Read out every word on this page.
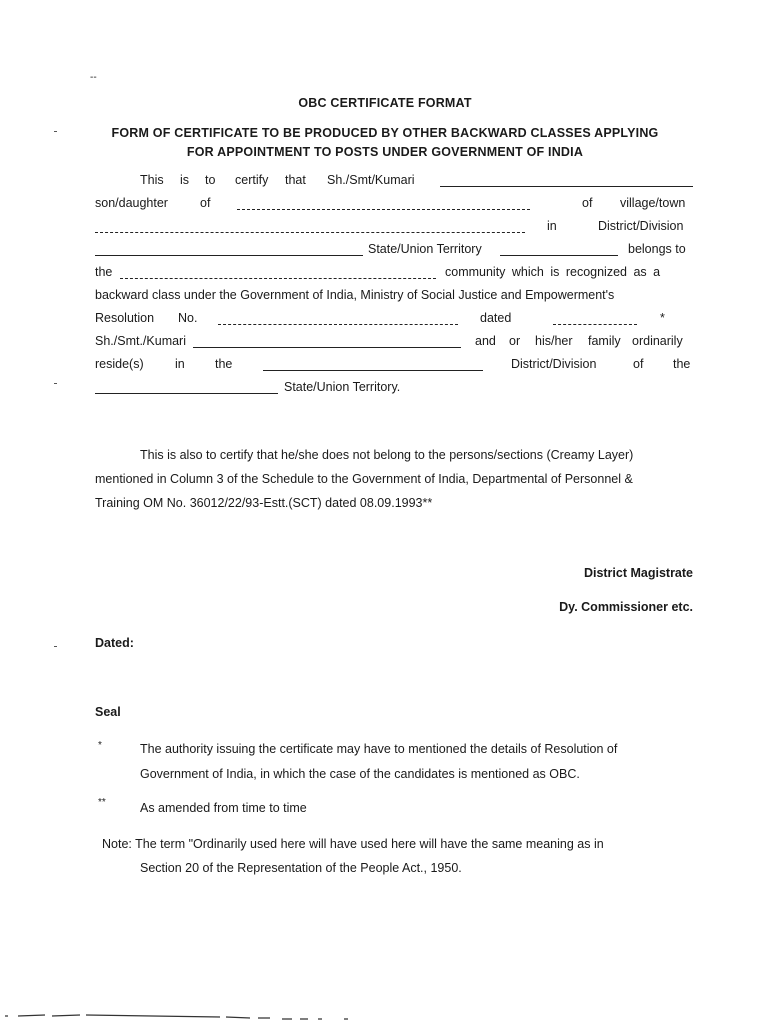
--
OBC CERTIFICATE FORMAT
FORM OF CERTIFICATE TO BE PRODUCED BY OTHER BACKWARD CLASSES APPLYING
FOR APPOINTMENT TO POSTS UNDER GOVERNMENT OF INDIA
This is to certify that Sh./Smt/Kumari
son/daughter	of	of village/town
in	District/Division
State/Union Territory	belongs to
the	community which is recognized as a
backward class under the Government of India, Ministry of Social Justice and Empowerment's
Resolution No.	dated	*
Sh./Smt./Kumari	and or his/her family ordinarily
reside(s)	in the	District/Division	of the
State/Union Territory.
This is also to certify that he/she does not belong to the persons/sections (Creamy Layer)
mentioned in Column 3 of the Schedule to the Government of India, Departmental of Personnel &
Training OM No. 36012/22/93-Estt.(SCT) dated 08.09.1993**
District Magistrate
Dy. Commissioner etc.
Dated:
Seal
*	The authority issuing the certificate may have to mentioned the details of Resolution of
Government of India, in which the case of the candidates is mentioned as OBC.
**	As amended from time to time
Note: The term "Ordinarily used here will have used here will have the same meaning as in
Section 20 of the Representation of the People Act., 1950.
